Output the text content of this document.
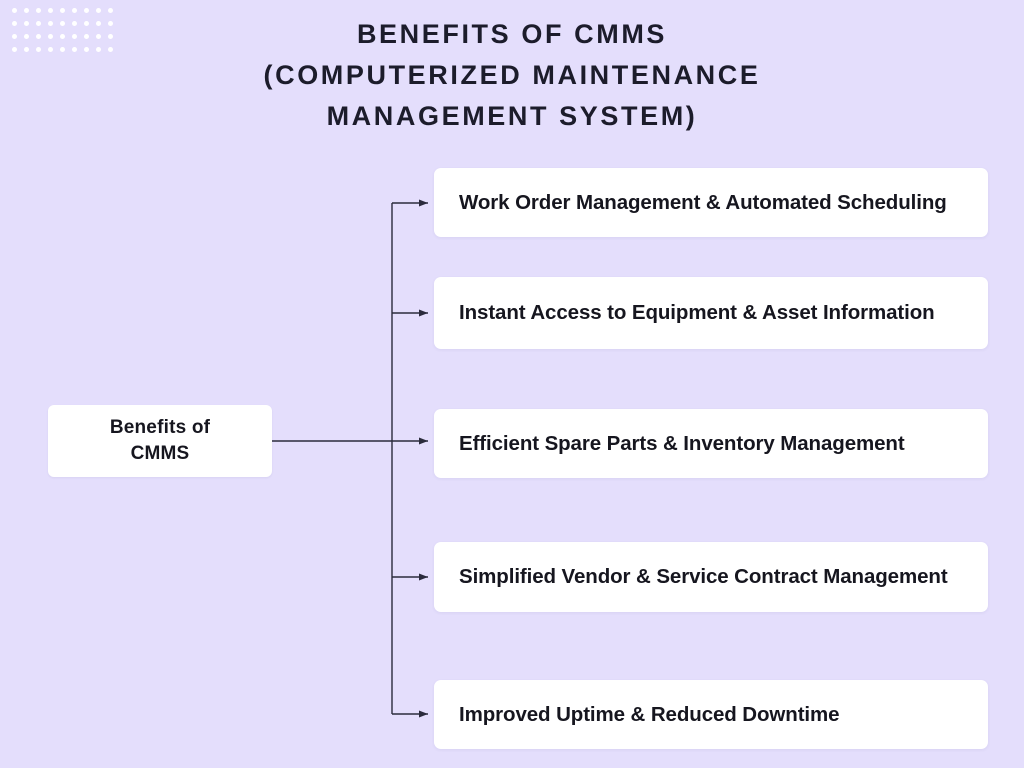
BENEFITS OF CMMS
(COMPUTERIZED MAINTENANCE
MANAGEMENT SYSTEM)
Benefits of
CMMS
Work Order Management & Automated Scheduling
Instant Access to Equipment & Asset Information
Efficient Spare Parts & Inventory Management
Simplified Vendor & Service Contract Management
Improved Uptime & Reduced Downtime
